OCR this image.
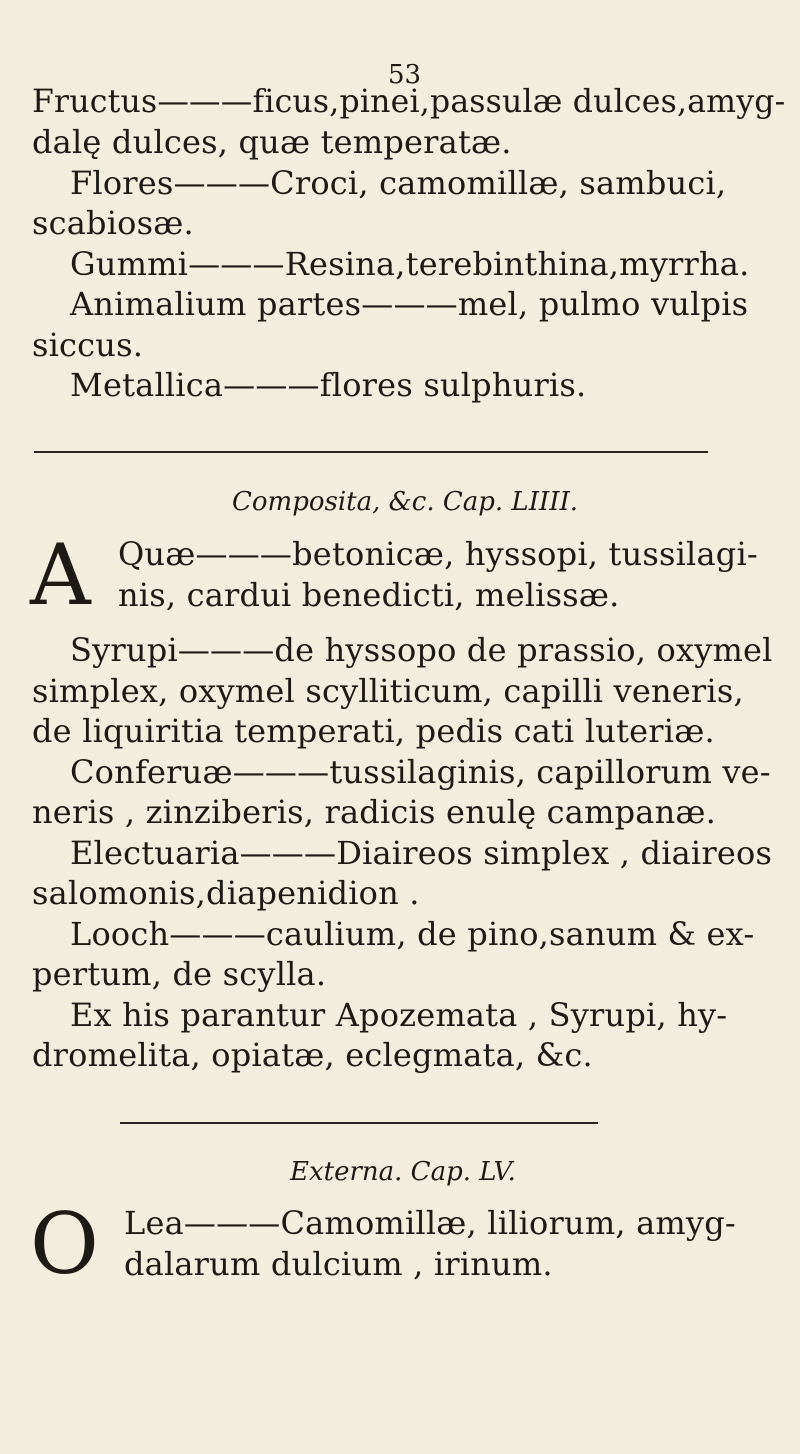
53
Fructus———ficus,pinei,passulæ dulces,amyg-
dalę dulces, quæ temperatæ.
Flores———Croci, camomillæ, sambuci,
scabiosæ.
Gummi———Resina,terebinthina,myrrha.
Animalium partes———mel, pulmo vulpis
siccus.
Metallica———flores sulphuris.
Composita, &c. Cap. LIIII.
A Quæ———betonicæ, hyssopi, tussilagi-
nis, cardui benedicti, melissæ.
Syrupi———de hyssopo de prassio, oxymel
simplex, oxymel scylliticum, capilli veneris,
de liquiritia temperati, pedis cati luteriæ.
Conferuæ———tussilaginis, capillorum ve-
neris , zinziberis, radicis enulę campanæ.
Electuaria———Diaireos simplex , diaireos
salomonis,diapenidion .
Looch———caulium, de pino,sanum & ex-
pertum, de scylla.
Ex his parantur Apozemata , Syrupi, hy-
dromelita, opiatæ, eclegmata, &c.
Externa. Cap. LV.
O Lea———Camomillæ, liliorum, amyg-
dalarum dulcium , irinum.
